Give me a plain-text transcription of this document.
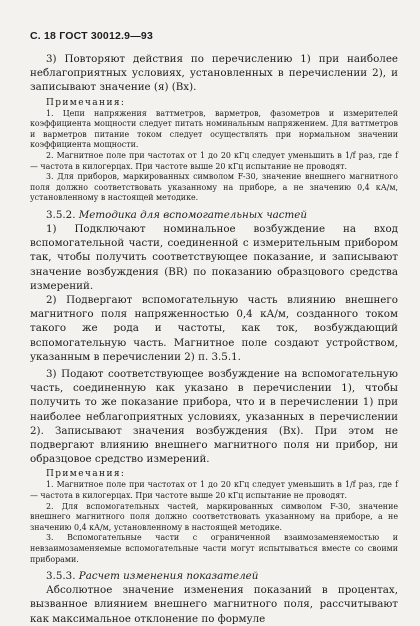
С. 18 ГОСТ 30012.9—93

3) Повторяют действия по перечислению 1) при наиболее неблагоприятных условиях, установленных в перечислении 2), и записывают значение (я) (Bx).

Примечания:

1. Цепи напряжения ваттметров, варметров, фазометров и измерителей коэффициента мощности следует питать номинальным напряжением. Для ваттметров и варметров питание током следует осуществлять при нормальном значении коэффициента мощности.

2. Магнитное поле при частотах от 1 до 20 кГц следует уменьшить в 1/f раз, где f — частота в килогерцах. При частоте выше 20 кГц испытание не проводят.

3. Для приборов, маркированных символом F-30, значение внешнего магнитного поля должно соответствовать указанному на приборе, а не значению 0,4 кА/м, установленному в настоящей методике.

3.5.2. Методика для вспомогательных частей

1) Подключают номинальное возбуждение на вход вспомогательной части, соединенной с измерительным прибором так, чтобы получить соответствующее показание, и записывают значение возбуждения (BR) по показанию образцового средства измерений.

2) Подвергают вспомогательную часть влиянию внешнего магнитного поля напряженностью 0,4 кА/м, созданного током такого же рода и частоты, как ток, возбуждающий вспомогательную часть. Магнитное поле создают устройством, указанным в перечислении 2) п. 3.5.1.

3) Подают соответствующее возбуждение на вспомогательную часть, соединенную как указано в перечислении 1), чтобы получить то же показание прибора, что и в перечислении 1) при наиболее неблагоприятных условиях, указанных в перечислении 2). Записывают значения возбуждения (Bx). При этом не подвергают влиянию внешнего магнитного поля ни прибор, ни образцовое средство измерений.

Примечания:

1. Магнитное поле при частотах от 1 до 20 кГц следует уменьшить в 1/f раз, где f — частота в килогерцах. При частоте выше 20 кГц испытание не проводят.

2. Для вспомогательных частей, маркированных символом F-30, значение внешнего магнитного поля должно соответствовать указанному на приборе, а не значению 0,4 кА/м, установленному в настоящей методике.

3. Вспомогательные части с ограниченной взаимозаменяемостью и невзаимозаменяемые вспомогательные части могут испытываться вместе со своими приборами.

3.5.3. Расчет изменения показателей

Абсолютное значение изменения показаний в процентах, вызванное влиянием внешнего магнитного поля, рассчитывают как максимальное отклонение по формуле
